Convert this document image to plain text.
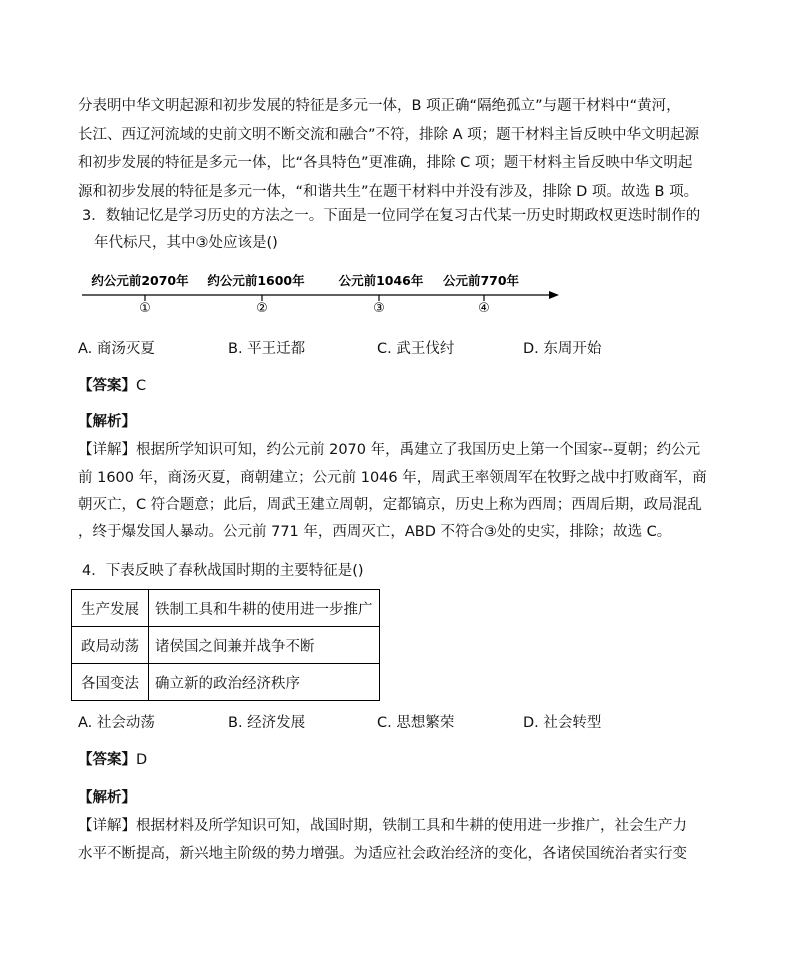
分表明中华文明起源和初步发展的特征是多元一体，B 项正确“隔绝孤立”与题干材料中“黄河，
长江、西辽河流域的史前文明不断交流和融合”不符，排除 A 项；题干材料主旨反映中华文明起源
和初步发展的特征是多元一体，比“各具特色”更准确，排除 C 项；题干材料主旨反映中华文明起
源和初步发展的特征是多元一体，“和谐共生”在题干材料中并没有涉及，排除 D 项。故选 B 项。
3．数轴记忆是学习历史的方法之一。下面是一位同学在复习古代某一历史时期政权更迭时制作的
年代标尺，其中③处应该是()
约公元前2070年 约公元前1600年	公元前1046年 公元前770年
①	②	③	④
A. 商汤灭夏	B. 平王迁都	C. 武王伐纣	D. 东周开始
【答案】C
【解析】
【详解】根据所学知识可知，约公元前 2070 年，禹建立了我国历史上第一个国家--夏朝；约公元
前 1600 年，商汤灭夏，商朝建立；公元前 1046 年，周武王率领周军在牧野之战中打败商军，商
朝灭亡，C 符合题意；此后，周武王建立周朝，定都镐京，历史上称为西周；西周后期，政局混乱
，终于爆发国人暴动。公元前 771 年，西周灭亡，ABD 不符合③处的史实，排除；故选 C。
4．下表反映了春秋战国时期的主要特征是()
生产发展	铁制工具和牛耕的使用进一步推广
政局动荡	诸侯国之间兼并战争不断
各国变法	确立新的政治经济秩序
A. 社会动荡	B. 经济发展	C. 思想繁荣	D. 社会转型
【答案】D
【解析】
【详解】根据材料及所学知识可知，战国时期，铁制工具和牛耕的使用进一步推广，社会生产力
水平不断提高，新兴地主阶级的势力增强。为适应社会政治经济的变化，各诸侯国统治者实行变
